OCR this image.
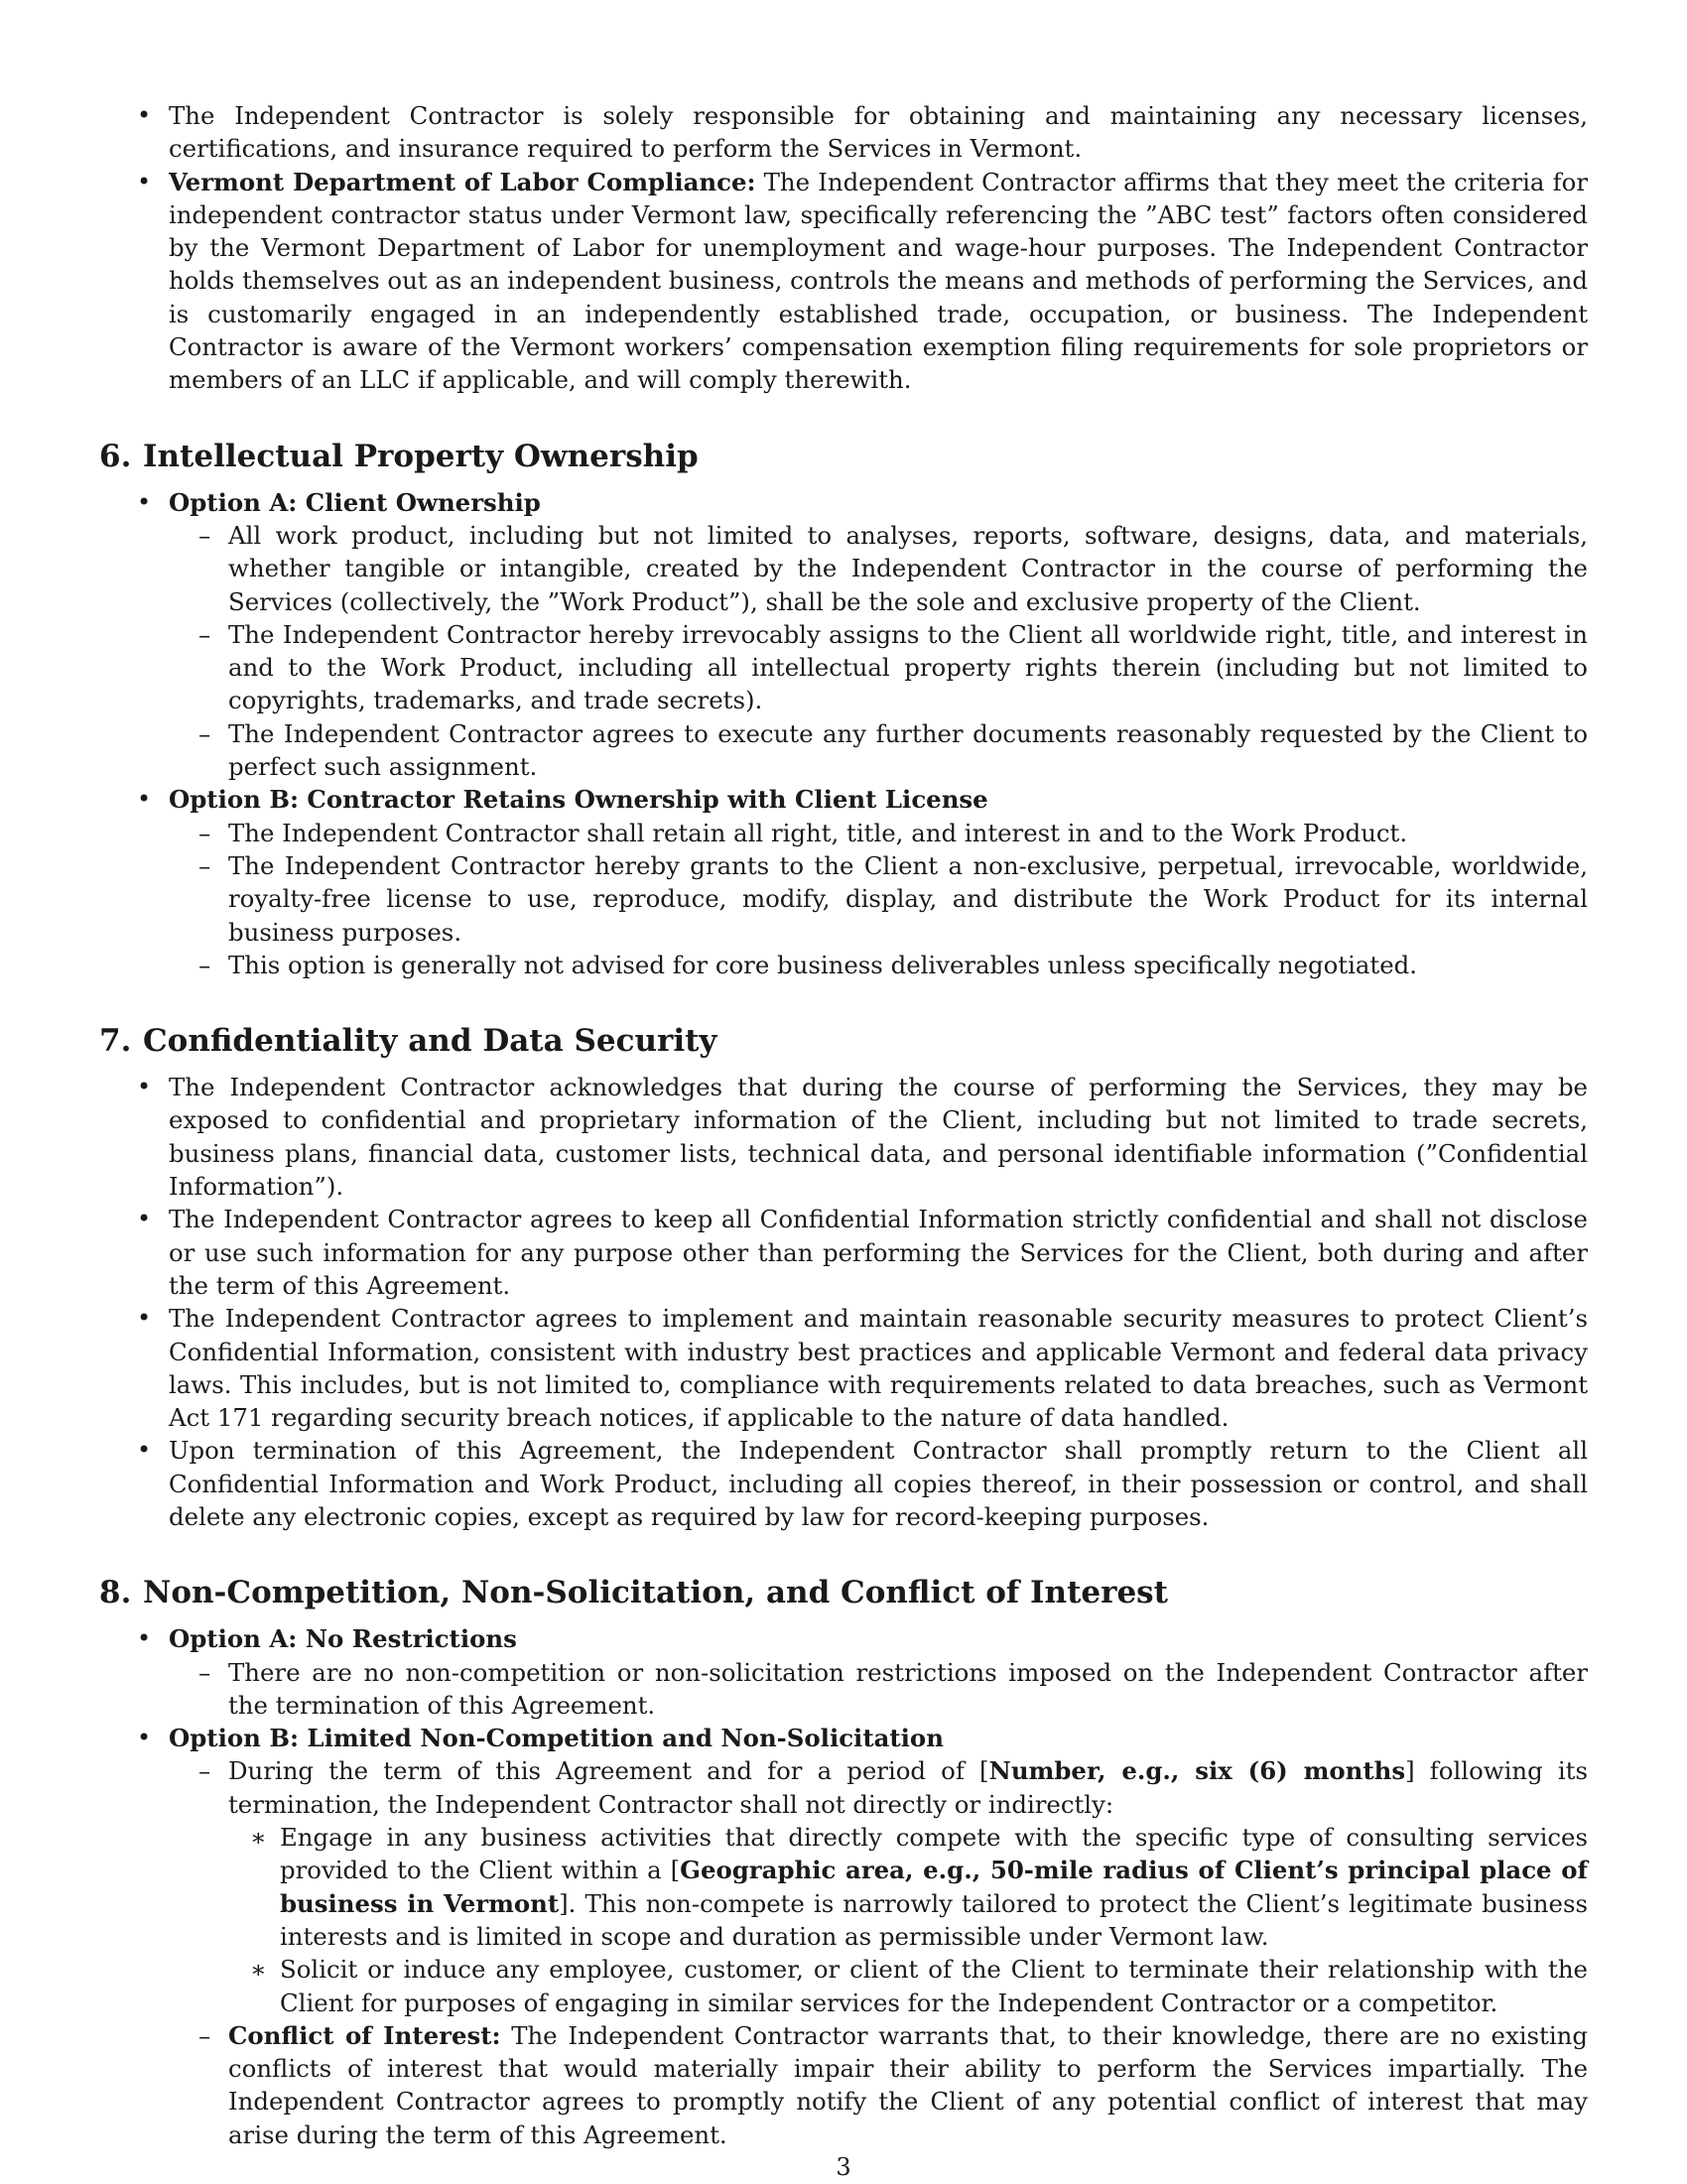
• The Independent Contractor is solely responsible for obtaining and maintaining any necessary licenses, certifications, and insurance required to perform the Services in Vermont.
• Vermont Department of Labor Compliance: The Independent Contractor affirms that they meet the criteria for independent contractor status under Vermont law, specifically referencing the ”ABC test” factors often considered by the Vermont Department of Labor for unemployment and wage-hour purposes. The Independent Contractor holds themselves out as an independent business, controls the means and methods of performing the Services, and is customarily engaged in an independently established trade, occupation, or business. The Independent Contractor is aware of the Vermont workers’ compensation exemption filing requirements for sole proprietors or members of an LLC if applicable, and will comply therewith.
6. Intellectual Property Ownership
• Option A: Client Ownership
– All work product, including but not limited to analyses, reports, software, designs, data, and materials, whether tangible or intangible, created by the Independent Contractor in the course of performing the Services (collectively, the ”Work Product”), shall be the sole and exclusive property of the Client.
– The Independent Contractor hereby irrevocably assigns to the Client all worldwide right, title, and interest in and to the Work Product, including all intellectual property rights therein (including but not limited to copyrights, trademarks, and trade secrets).
– The Independent Contractor agrees to execute any further documents reasonably requested by the Client to perfect such assignment.
• Option B: Contractor Retains Ownership with Client License
– The Independent Contractor shall retain all right, title, and interest in and to the Work Product.
– The Independent Contractor hereby grants to the Client a non-exclusive, perpetual, irrevocable, worldwide, royalty-free license to use, reproduce, modify, display, and distribute the Work Product for its internal business purposes.
– This option is generally not advised for core business deliverables unless specifically negotiated.
7. Confidentiality and Data Security
• The Independent Contractor acknowledges that during the course of performing the Services, they may be exposed to confidential and proprietary information of the Client, including but not limited to trade secrets, business plans, financial data, customer lists, technical data, and personal identifiable information (”Confidential Information”).
• The Independent Contractor agrees to keep all Confidential Information strictly confidential and shall not disclose or use such information for any purpose other than performing the Services for the Client, both during and after the term of this Agreement.
• The Independent Contractor agrees to implement and maintain reasonable security measures to protect Client’s Confidential Information, consistent with industry best practices and applicable Vermont and federal data privacy laws. This includes, but is not limited to, compliance with requirements related to data breaches, such as Vermont Act 171 regarding security breach notices, if applicable to the nature of data handled.
• Upon termination of this Agreement, the Independent Contractor shall promptly return to the Client all Confidential Information and Work Product, including all copies thereof, in their possession or control, and shall delete any electronic copies, except as required by law for record-keeping purposes.
8. Non-Competition, Non-Solicitation, and Conflict of Interest
• Option A: No Restrictions
– There are no non-competition or non-solicitation restrictions imposed on the Independent Contractor after the termination of this Agreement.
• Option B: Limited Non-Competition and Non-Solicitation
– During the term of this Agreement and for a period of [Number, e.g., six (6) months] following its termination, the Independent Contractor shall not directly or indirectly:
∗ Engage in any business activities that directly compete with the specific type of consulting services provided to the Client within a [Geographic area, e.g., 50-mile radius of Client’s principal place of business in Vermont]. This non-compete is narrowly tailored to protect the Client’s legitimate business interests and is limited in scope and duration as permissible under Vermont law.
∗ Solicit or induce any employee, customer, or client of the Client to terminate their relationship with the Client for purposes of engaging in similar services for the Independent Contractor or a competitor.
– Conflict of Interest: The Independent Contractor warrants that, to their knowledge, there are no existing conflicts of interest that would materially impair their ability to perform the Services impartially. The Independent Contractor agrees to promptly notify the Client of any potential conflict of interest that may arise during the term of this Agreement.
3
